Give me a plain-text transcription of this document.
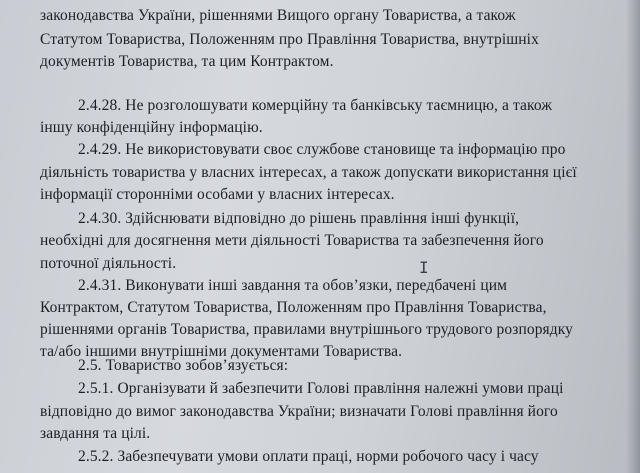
законодавства України, рішеннями Вищого органу Товариства, а також
Статутом Товариства, Положенням про Правління Товариства, внутрішніх
документів Товариства, та цим Контрактом.
2.4.28. Не розголошувати комерційну та банківську таємницю, а також
іншу конфіденційну інформацію.
2.4.29. Не використовувати своє службове становище та інформацію про
діяльність товариства у власних інтересах, а також допускати використання цієї
інформації сторонніми особами у власних інтересах.
2.4.30. Здійснювати відповідно до рішень правління інші функції,
необхідні для досягнення мети діяльності Товариства та забезпечення його
поточної діяльності.
2.4.31. Виконувати інші завдання та обов’язки, передбачені цим
Контрактом, Статутом Товариства, Положенням про Правління Товариства,
рішеннями органів Товариства, правилами внутрішнього трудового розпорядку
та/або іншими внутрішніми документами Товариства.
2.5. Товариство зобов’язується:
2.5.1. Організувати й забезпечити Голові правління належні умови праці
відповідно до вимог законодавства України; визначати Голові правління його
завдання та цілі.
2.5.2. Забезпечувати умови оплати праці, норми робочого часу і часу
I
